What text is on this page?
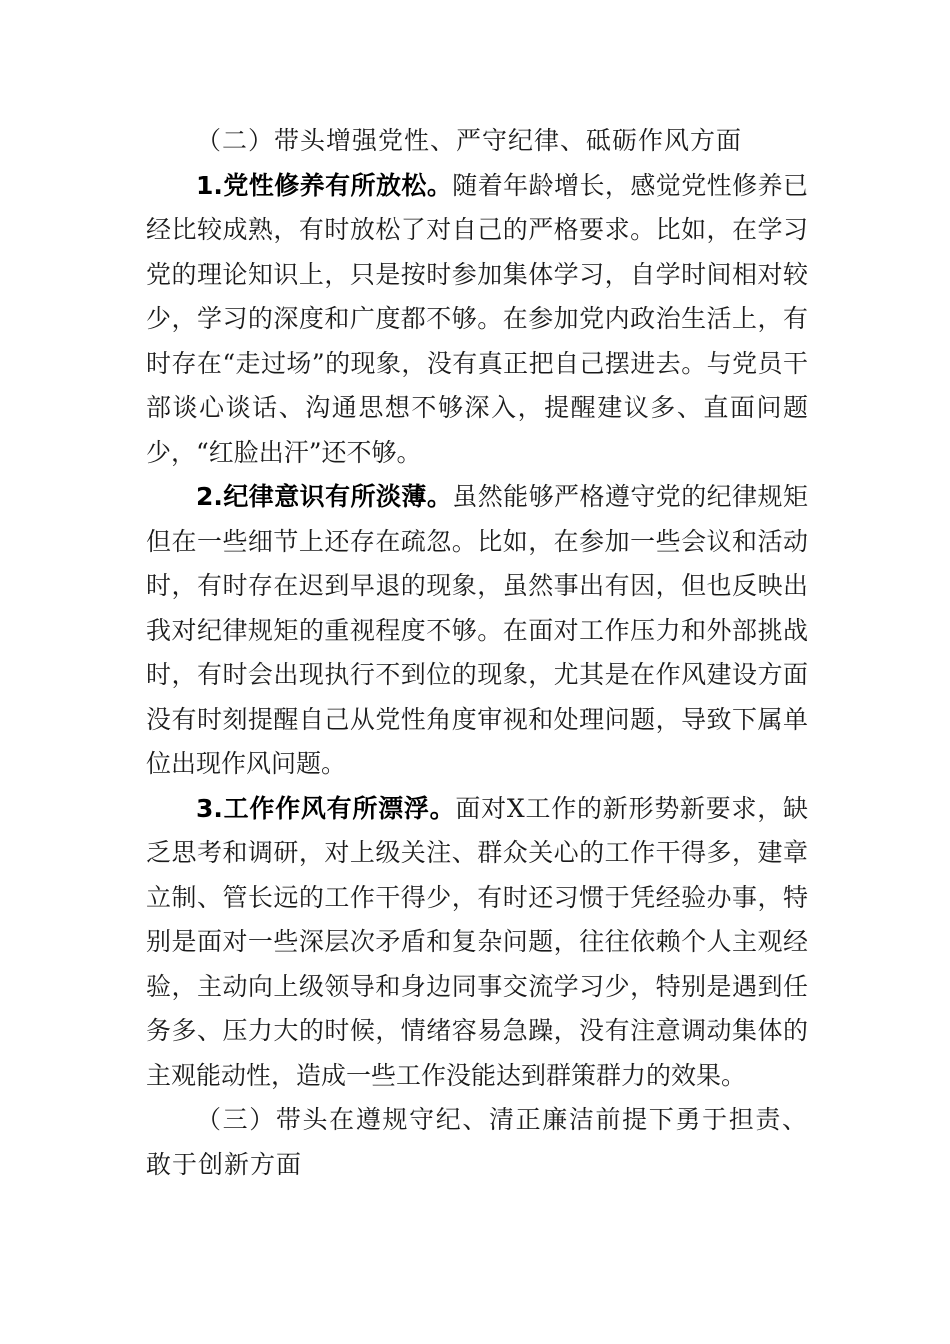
（二）带头增强党性、严守纪律、砥砺作风方面

1.党性修养有所放松。随着年龄增长，感觉党性修养已经比较成熟，有时放松了对自己的严格要求。比如，在学习党的理论知识上，只是按时参加集体学习，自学时间相对较少，学习的深度和广度都不够。在参加党内政治生活上，有时存在“走过场”的现象，没有真正把自己摆进去。与党员干部谈心谈话、沟通思想不够深入，提醒建议多、直面问题少，“红脸出汗”还不够。

2.纪律意识有所淡薄。虽然能够严格遵守党的纪律规矩但在一些细节上还存在疏忽。比如，在参加一些会议和活动时，有时存在迟到早退的现象，虽然事出有因，但也反映出我对纪律规矩的重视程度不够。在面对工作压力和外部挑战时，有时会出现执行不到位的现象，尤其是在作风建设方面没有时刻提醒自己从党性角度审视和处理问题，导致下属单位出现作风问题。

3.工作作风有所漂浮。面对X工作的新形势新要求，缺乏思考和调研，对上级关注、群众关心的工作干得多，建章立制、管长远的工作干得少，有时还习惯于凭经验办事，特别是面对一些深层次矛盾和复杂问题，往往依赖个人主观经验，主动向上级领导和身边同事交流学习少，特别是遇到任务多、压力大的时候，情绪容易急躁，没有注意调动集体的主观能动性，造成一些工作没能达到群策群力的效果。

（三）带头在遵规守纪、清正廉洁前提下勇于担责、敢于创新方面
